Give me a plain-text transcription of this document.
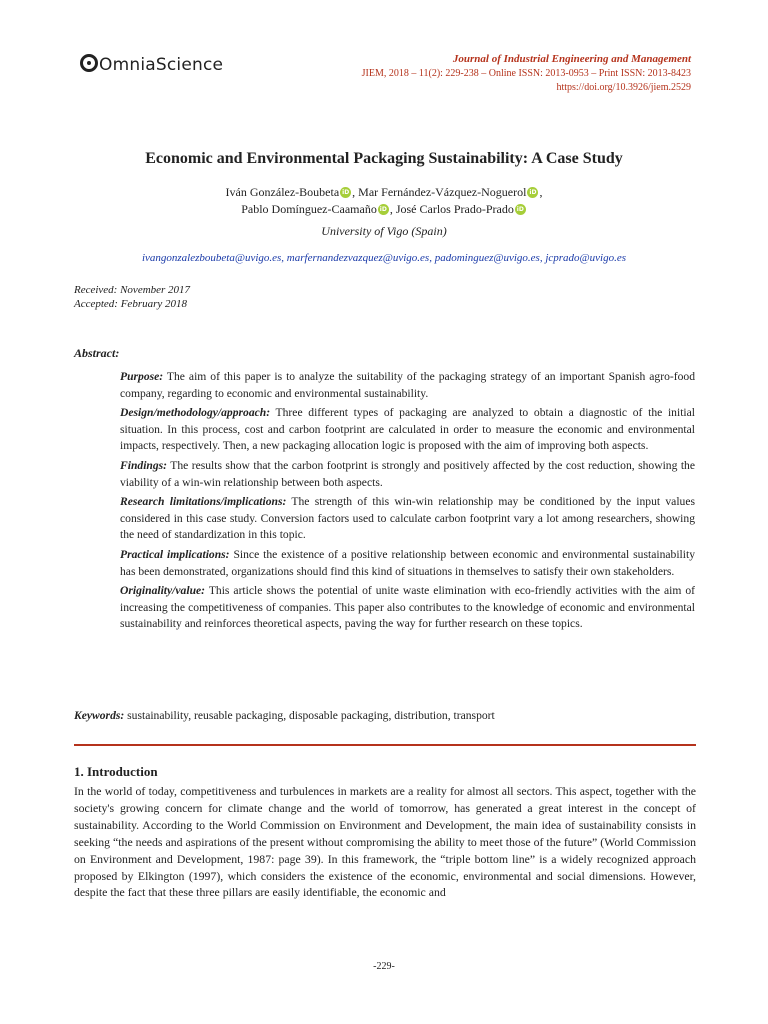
OmniaScience	Journal of Industrial Engineering and Management
JIEM, 2018 – 11(2): 229-238 – Online ISSN: 2013-0953 – Print ISSN: 2013-8423
https://doi.org/10.3926/jiem.2529
Economic and Environmental Packaging Sustainability: A Case Study
Iván González-Boubeta iD , Mar Fernández-Vázquez-Noguerol iD ,
Pablo Domínguez-Caamaño iD , José Carlos Prado-Prado iD
University of Vigo (Spain)
ivangonzalezboubeta@uvigo.es, marfernandezvazquez@uvigo.es, padominguez@uvigo.es, jcprado@uvigo.es
Received: November 2017
Accepted: February 2018
Abstract:

Purpose: The aim of this paper is to analyze the suitability of the packaging strategy of an important Spanish agro-food company, regarding to economic and environmental sustainability.

Design/methodology/approach: Three different types of packaging are analyzed to obtain a diagnostic of the initial situation. In this process, cost and carbon footprint are calculated in order to measure the economic and environmental impacts, respectively. Then, a new packaging allocation logic is proposed with the aim of improving both aspects.

Findings: The results show that the carbon footprint is strongly and positively affected by the cost reduction, showing the viability of a win-win relationship between both aspects.

Research limitations/implications: The strength of this win-win relationship may be conditioned by the input values considered in this case study. Conversion factors used to calculate carbon footprint vary a lot among researchers, showing the need of standardization in this topic.

Practical implications: Since the existence of a positive relationship between economic and environmental sustainability has been demonstrated, organizations should find this kind of situations in themselves to satisfy their own stakeholders.

Originality/value: This article shows the potential of unite waste elimination with eco-friendly activities with the aim of increasing the competitiveness of companies. This paper also contributes to the knowledge of economic and environmental sustainability and reinforces theoretical aspects, paving the way for further research on these topics.

Keywords: sustainability, reusable packaging, disposable packaging, distribution, transport
1. Introduction

In the world of today, competitiveness and turbulences in markets are a reality for almost all sectors. This aspect, together with the society's growing concern for climate change and the world of tomorrow, has generated a great interest in the concept of sustainability. According to the World Commission on Environment and Development, the main idea of sustainability consists in seeking “the needs and aspirations of the present without compromising the ability to meet those of the future” (World Commission on Environment and Development, 1987: page 39). In this framework, the “triple bottom line” is a widely recognized approach proposed by Elkington (1997), which considers the existence of the economic, environmental and social dimensions. However, despite the fact that these three pillars are easily identifiable, the economic and

-229-
